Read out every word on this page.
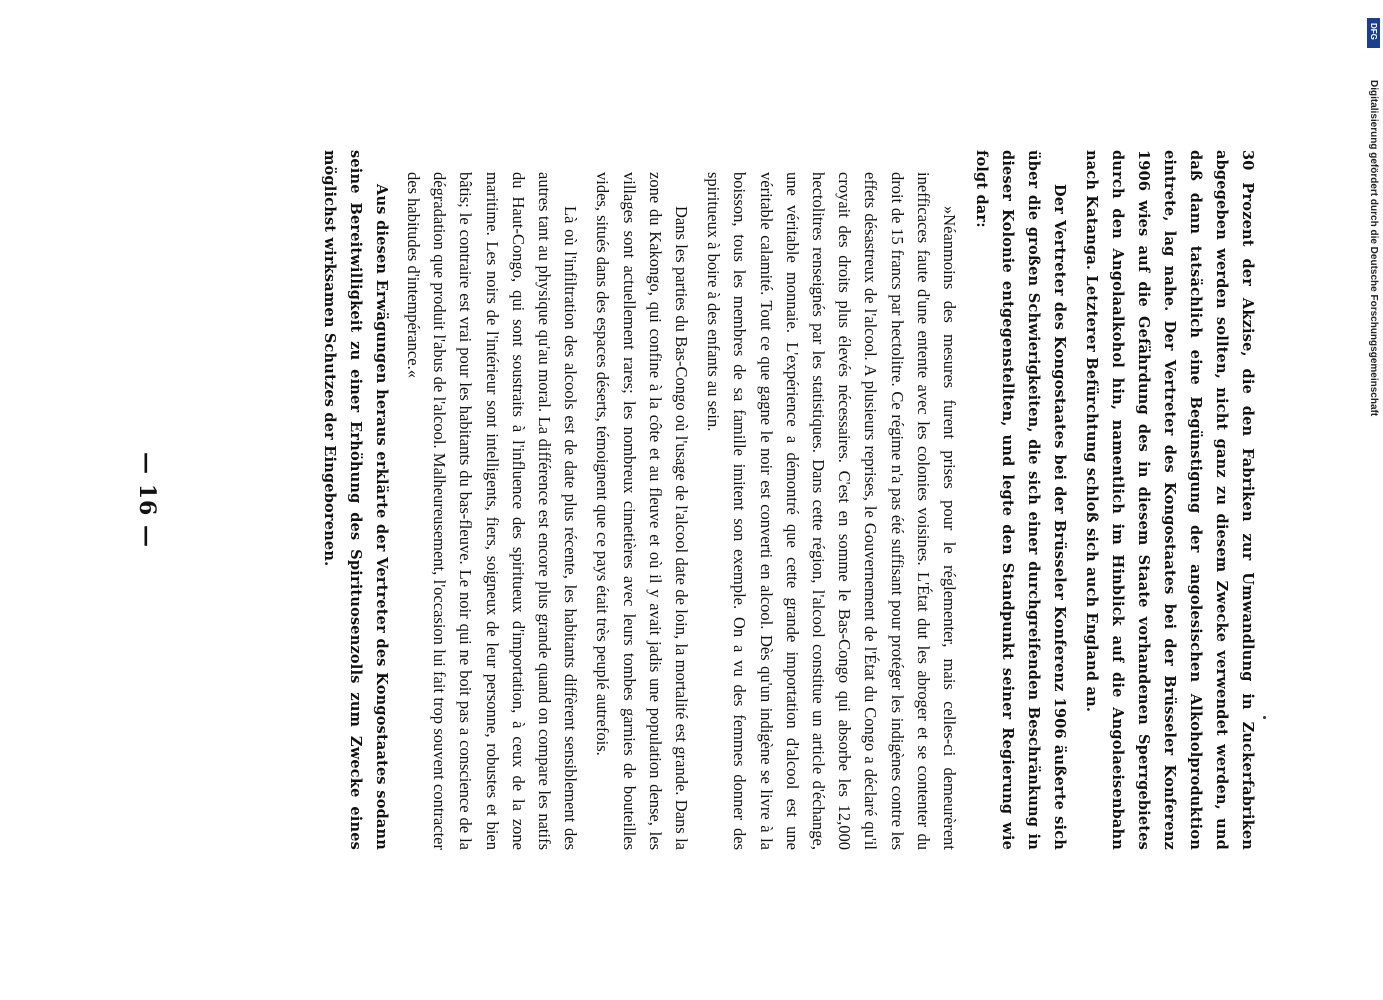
30 Prozent der Akzise, die den Fabriken zur Umwandlung in Zuckerfabriken abgegeben werden sollten, nicht ganz zu diesem Zwecke verwendet werden, und daß dann tatsächlich eine Begünstigung der angolesischen Alkoholproduktion eintrete, lag nahe. Der Vertreter des Kongostaates bei der Brüsseler Konferenz 1906 wies auf die Gefährdung des in diesem Staate vorhandenen Sperrgebietes durch den Angolaalkohol hin, namentlich im Hinblick auf die Angolaeisenbahn nach Katanga. Letzterer Befürchtung schloß sich auch England an.

Der Vertreter des Kongostaates bei der Brüsseler Konferenz 1906 äußerte sich über die großen Schwierigkeiten, die sich einer durchgreifenden Beschränkung in dieser Kolonie entgegenstellten, und legte den Standpunkt seiner Regierung wie folgt dar:

»Néanmoins des mesures furent prises pour le réglementer, mais celles-ci demeurèrent inefficaces faute d'une entente avec les colonies voisines. L'État dut les abroger et se contenter du droit de 15 francs par hectolitre. Ce régime n'a pas été suffisant pour protéger les indigènes contre les effets désastreux de l'alcool. A plusieurs reprises, le Gouvernement de l'État du Congo a déclaré qu'il croyait des droits plus élevés nécessaires. C'est en somme le Bas-Congo qui absorbe les 12,000 hectolitres renseignés par les statistiques. Dans cette région, l'alcool constitue un article d'échange, une véritable monnaie. L'expérience a démontré que cette grande importation d'alcool est une véritable calamité. Tout ce que gagne le noir est converti en alcool. Dès qu'un indigène se livre à la boisson, tous les membres de sa famille imitent son exemple. On a vu des femmes donner des spiritueux à boire à des enfants au sein.

Dans les parties du Bas-Congo où l'usage de l'alcool date de loin, la mortalité est grande. Dans la zone du Kakongo, qui confine à la côte et au fleuve et où il y avait jadis une population dense, les villages sont actuellement rares; les nombreux cimetières avec leurs tombes garnies de bouteilles vides, situés dans des espaces déserts, témoignent que ce pays était très peuplé autrefois.

Là où l'infiltration des alcools est de date plus récente, les habitants diffèrent sensiblement des autres tant au physique qu'au moral. La différence est encore plus grande quand on compare les natifs du Haut-Congo, qui sont soustraits à l'influence des spiritueux d'importation, à ceux de la zone maritime. Les noirs de l'intérieur sont intelligents, fiers, soigneux de leur personne, robustes et bien bâtis; le contraire est vrai pour les habitants du bas-fleuve. Le noir qui ne boit pas a conscience de la dégradation que produit l'abus de l'alcool. Malheureusement, l'occasion lui fait trop souvent contracter des habitudes d'intempérance.«

Aus diesen Erwägungen heraus erklärte der Vertreter des Kongostaates sodann seine Bereitwilligkeit zu einer Erhöhung des Spirituosenzolls zum Zwecke eines möglichst wirksamen Schutzes der Eingeborenen.

— 16 —
DFG
Digitalisierung gefördert durch die Deutsche Forschungsgemeinschaft
